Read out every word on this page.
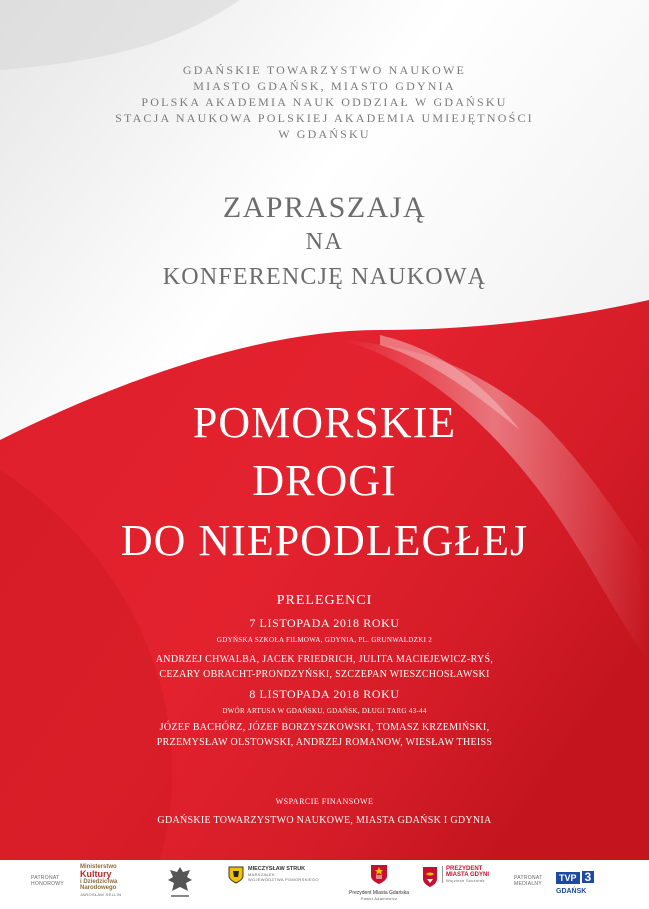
GDAŃSKIE TOWARZYSTWO NAUKOWE
MIASTO GDAŃSK, MIASTO GDYNIA
POLSKA AKADEMIA NAUK ODDZIAŁ W GDAŃSKU
STACJA NAUKOWA POLSKIEJ AKADEMIA UMIEJĘTNOŚCI
W GDAŃSKU
ZAPRASZAJĄ
NA
KONFERENCJĘ NAUKOWĄ
POMORSKIE
DROGI
DO NIEPODLEGŁEJ
PRELEGENCI
7 LISTOPADA 2018 ROKU
GDYŃSKA SZKOŁA FILMOWA, GDYNIA, PL. GRUNWALDZKI 2
ANDRZEJ CHWALBA, JACEK FRIEDRICH, JULITA MACIEJEWICZ-RYŚ,
CEZARY OBRACHT-PRONDZYŃSKI, SZCZEPAN WIESZCHOSŁAWSKI
8 LISTOPADA 2018 ROKU
DWÓR ARTUSA W GDAŃSKU, GDAŃSK, DŁUGI TARG 43-44
JÓZEF BACHÓRZ, JÓZEF BORZYSZKOWSKI, TOMASZ KRZEMIŃSKI,
PRZEMYSŁAW OLSTOWSKI, ANDRZEJ ROMANOW, WIESŁAW THEISS
WSPARCIE FINANSOWE
GDAŃSKIE TOWARZYSTWO NAUKOWE, MIASTA GDAŃSK I GDYNIA
PATRONAT
HONOROWY
Ministerstwo
Kultury
i Dziedzictwa
Narodowego
JAROSŁAW SELLIN
MIECZYSŁAW STRUK
MARSZAŁEK
WOJEWÓDZTWA POMORSKIEGO
Prezydent Miasta Gdańska
Paweł Adamowicz
PREZYDENT
MIASTA GDYNI
Wojciech Szczurek	PATRONAT
MEDIALNY
TVP 3
GDAŃSK
